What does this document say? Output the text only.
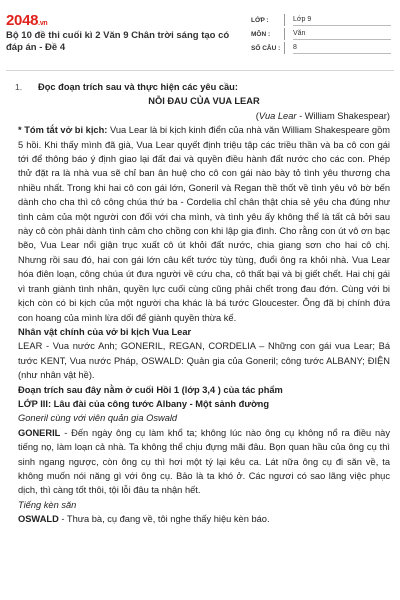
2048.vn
Bộ 10 đề thi cuối kì 2 Văn 9 Chân trời sáng tạo có đáp án - Đề 4
LỚP :	Lớp 9
MÔN :	Văn
SỐ CÂU :	8
1.	Đọc đoạn trích sau và thực hiện các yêu cầu:

NỖI ĐAU CỦA VUA LEAR

(Vua Lear - William Shakespear)

* Tóm tắt vở bi kịch: Vua Lear là bi kịch kinh điển của nhà văn William Shakespeare gồm 5 hồi. Khi thấy mình đã già, Vua Lear quyết định triệu tập các triều thần và ba cô con gái tới để thông báo ý định giao lại đất đai và quyền điều hành đất nước cho các con. Phép thử đặt ra là nhà vua sẽ chỉ ban ân huệ cho cô con gái nào bày tỏ tình yêu thương cha nhiều nhất. Trong khi hai cô con gái lớn, Goneril và Regan thề thốt về tình yêu vô bờ bến dành cho cha thì cô công chúa thứ ba - Cordelia chỉ chân thật chia sẻ yêu cha đúng như tình cảm của một người con đối với cha mình, và tình yêu ấy không thể là tất cả bởi sau này cô còn phải dành tình cảm cho chồng con khi lập gia đình. Cho rằng con út vô ơn bạc bẽo, Vua Lear nổi giận trục xuất cô út khỏi đất nước, chia giang sơn cho hai cô chị. Nhưng rồi sau đó, hai con gái lớn câu kết tước tùy tùng, đuổi ông ra khỏi nhà. Vua Lear hóa điên loạn, công chúa út đưa người về cứu cha, cô thất bại và bị giết chết. Hai chị gái vì tranh giành tình nhân, quyền lực cuối cùng cũng phải chết trong đau đớn. Cùng với bi kịch còn có bi kịch của một người cha khác là bá tước Gloucester. Ông đã bị chính đứa con hoang của mình lừa dối để giành quyền thừa kế.

Nhân vật chính của vở bi kịch Vua Lear

LEAR - Vua nước Anh; GONERIL, REGAN, CORDELIA – Những con gái vua Lear; Bá tước KENT, Vua nước Pháp, OSWALD: Quản gia của Goneril; công tước ALBANY; ĐIỆN (như nhân vật hề).

Đoạn trích sau đây nằm ở cuối Hồi 1 (lớp 3,4 ) của tác phẩm

LỚP III: Lâu đài của công tước Albany - Một sảnh đường

Goneril cùng với viên quản gia Oswald

GONERIL - Đến ngày ông cụ làm khổ ta; không lúc nào ông cụ không nổ ra điều này tiếng nọ, làm loạn cả nhà. Ta không thể chịu đựng mãi đâu. Bọn quan hầu của ông cụ thì sinh ngang ngược, còn ông cụ thì hơi một tý lại kêu ca. Lát nữa ông cụ đi săn về, ta không muốn nói năng gì với ông cụ. Bảo là ta khó ở. Các ngươi có sao lãng việc phục dịch, thì càng tốt thôi, tội lỗi đâu ta nhận hết.

Tiếng kèn săn

OSWALD - Thưa bà, cụ đang về, tôi nghe thấy hiệu kèn báo.
